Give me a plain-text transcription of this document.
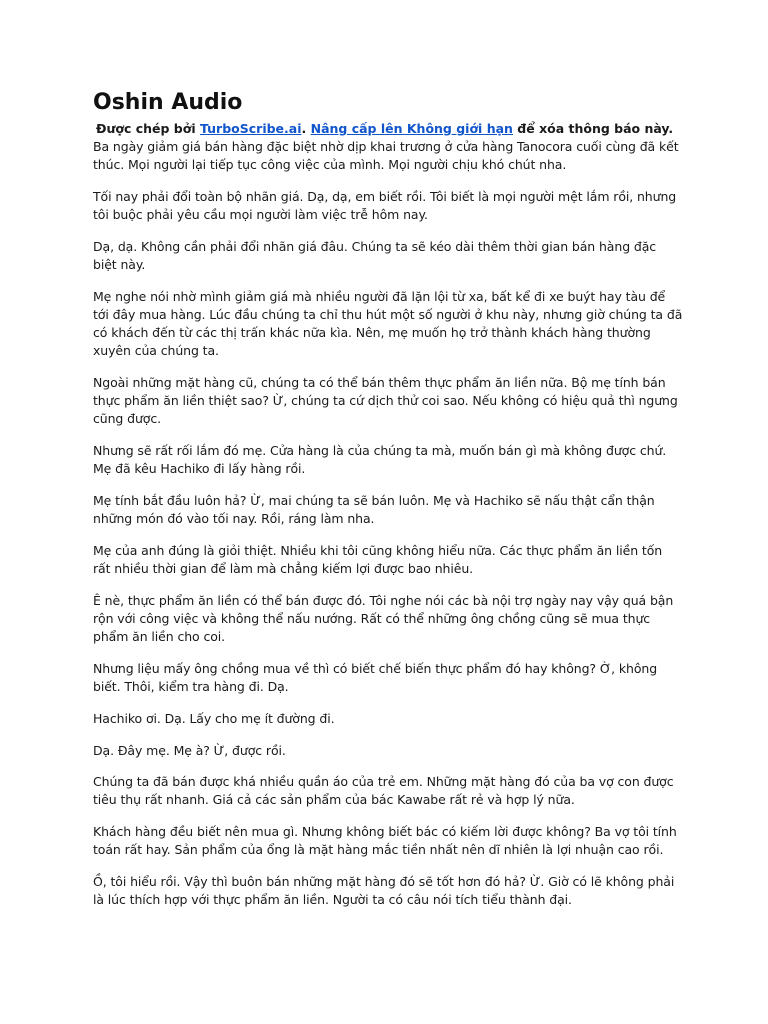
Oshin Audio

Được chép bởi TurboScribe.ai. Nâng cấp lên Không giới hạn để xóa thông báo này.

Ba ngày giảm giá bán hàng đặc biệt nhờ dịp khai trương ở cửa hàng Tanocora cuối cùng đã kết thúc. Mọi người lại tiếp tục công việc của mình. Mọi người chịu khó chút nha.

Tối nay phải đổi toàn bộ nhãn giá. Dạ, dạ, em biết rồi. Tôi biết là mọi người mệt lắm rồi, nhưng tôi buộc phải yêu cầu mọi người làm việc trễ hôm nay.

Dạ, dạ. Không cần phải đổi nhãn giá đâu. Chúng ta sẽ kéo dài thêm thời gian bán hàng đặc biệt này.

Mẹ nghe nói nhờ mình giảm giá mà nhiều người đã lặn lội từ xa, bất kể đi xe buýt hay tàu để tới đây mua hàng. Lúc đầu chúng ta chỉ thu hút một số người ở khu này, nhưng giờ chúng ta đã có khách đến từ các thị trấn khác nữa kìa. Nên, mẹ muốn họ trở thành khách hàng thường xuyên của chúng ta.

Ngoài những mặt hàng cũ, chúng ta có thể bán thêm thực phẩm ăn liền nữa. Bộ mẹ tính bán thực phẩm ăn liền thiệt sao? Ừ, chúng ta cứ dịch thử coi sao. Nếu không có hiệu quả thì ngưng cũng được.

Nhưng sẽ rất rối lắm đó mẹ. Cửa hàng là của chúng ta mà, muốn bán gì mà không được chứ. Mẹ đã kêu Hachiko đi lấy hàng rồi.

Mẹ tính bắt đầu luôn hả? Ừ, mai chúng ta sẽ bán luôn. Mẹ và Hachiko sẽ nấu thật cẩn thận những món đó vào tối nay. Rồi, ráng làm nha.

Mẹ của anh đúng là giỏi thiệt. Nhiều khi tôi cũng không hiểu nữa. Các thực phẩm ăn liền tốn rất nhiều thời gian để làm mà chẳng kiếm lợi được bao nhiêu.

Ê nè, thực phẩm ăn liền có thể bán được đó. Tôi nghe nói các bà nội trợ ngày nay vậy quá bận rộn với công việc và không thể nấu nướng. Rất có thể những ông chồng cũng sẽ mua thực phẩm ăn liền cho coi.

Nhưng liệu mấy ông chồng mua về thì có biết chế biến thực phẩm đó hay không? Ờ, không biết. Thôi, kiểm tra hàng đi. Dạ.

Hachiko ơi. Dạ. Lấy cho mẹ ít đường đi.

Dạ. Đây mẹ. Mẹ à? Ừ, được rồi.

Chúng ta đã bán được khá nhiều quần áo của trẻ em. Những mặt hàng đó của ba vợ con được tiêu thụ rất nhanh. Giá cả các sản phẩm của bác Kawabe rất rẻ và hợp lý nữa.

Khách hàng đều biết nên mua gì. Nhưng không biết bác có kiếm lời được không? Ba vợ tôi tính toán rất hay. Sản phẩm của ổng là mặt hàng mắc tiền nhất nên dĩ nhiên là lợi nhuận cao rồi.

Ồ, tôi hiểu rồi. Vậy thì buôn bán những mặt hàng đó sẽ tốt hơn đó hả? Ừ. Giờ có lẽ không phải là lúc thích hợp với thực phẩm ăn liền. Người ta có câu nói tích tiểu thành đại.
